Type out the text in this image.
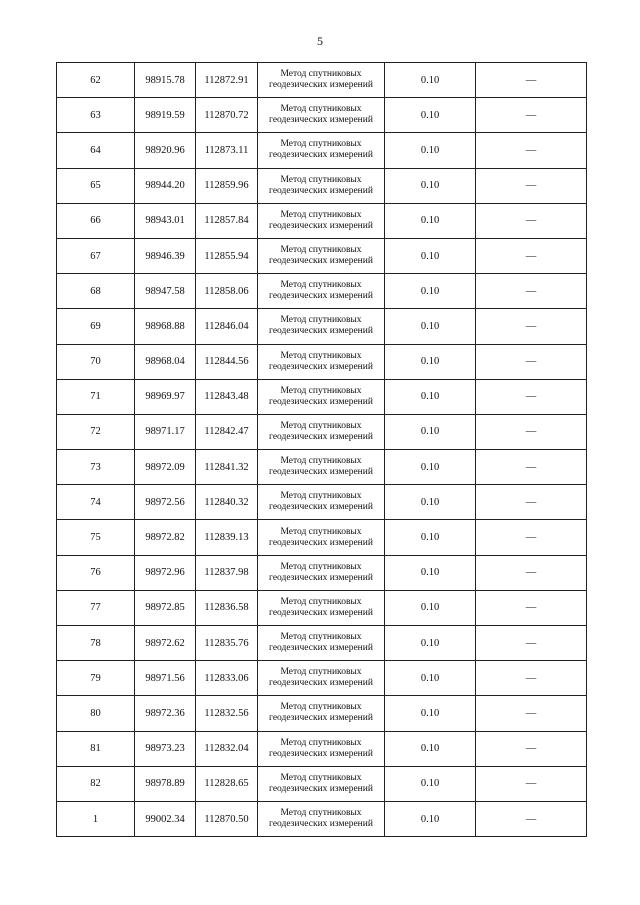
5
62	98915.78	112872.91	Метод спутниковых геодезических измерений	0.10	—
63	98919.59	112870.72	Метод спутниковых геодезических измерений	0.10	—
64	98920.96	112873.11	Метод спутниковых геодезических измерений	0.10	—
65	98944.20	112859.96	Метод спутниковых геодезических измерений	0.10	—
66	98943.01	112857.84	Метод спутниковых геодезических измерений	0.10	—
67	98946.39	112855.94	Метод спутниковых геодезических измерений	0.10	—
68	98947.58	112858.06	Метод спутниковых геодезических измерений	0.10	—
69	98968.88	112846.04	Метод спутниковых геодезических измерений	0.10	—
70	98968.04	112844.56	Метод спутниковых геодезических измерений	0.10	—
71	98969.97	112843.48	Метод спутниковых геодезических измерений	0.10	—
72	98971.17	112842.47	Метод спутниковых геодезических измерений	0.10	—
73	98972.09	112841.32	Метод спутниковых геодезических измерений	0.10	—
74	98972.56	112840.32	Метод спутниковых геодезических измерений	0.10	—
75	98972.82	112839.13	Метод спутниковых геодезических измерений	0.10	—
76	98972.96	112837.98	Метод спутниковых геодезических измерений	0.10	—
77	98972.85	112836.58	Метод спутниковых геодезических измерений	0.10	—
78	98972.62	112835.76	Метод спутниковых геодезических измерений	0.10	—
79	98971.56	112833.06	Метод спутниковых геодезических измерений	0.10	—
80	98972.36	112832.56	Метод спутниковых геодезических измерений	0.10	—
81	98973.23	112832.04	Метод спутниковых геодезических измерений	0.10	—
82	98978.89	112828.65	Метод спутниковых геодезических измерений	0.10	—
1	99002.34	112870.50	Метод спутниковых геодезических измерений	0.10	—
